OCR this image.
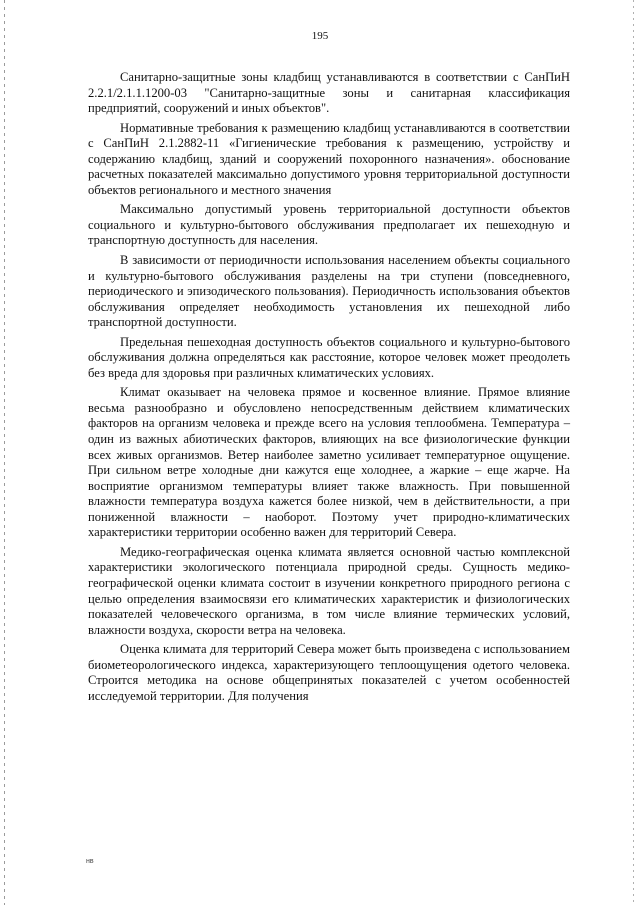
195

Санитарно-защитные зоны кладбищ устанавливаются в соответствии с СанПиН 2.2.1/2.1.1.1200-03 "Санитарно-защитные зоны и санитарная классификация предприятий, сооружений и иных объектов".

Нормативные требования к размещению кладбищ устанавливаются в соответствии с СанПиН 2.1.2882-11 «Гигиенические требования к размещению, устройству и содержанию кладбищ, зданий и сооружений похоронного назначения». обоснование расчетных показателей максимально допустимого уровня территориальной доступности объектов регионального и местного значения

Максимально допустимый уровень территориальной доступности объектов социального и культурно-бытового обслуживания предполагает их пешеходную и транспортную доступность для населения.

В зависимости от периодичности использования населением объекты социального и культурно-бытового обслуживания разделены на три ступени (повседневного, периодического и эпизодического пользования). Периодичность использования объектов обслуживания определяет необходимость установления их пешеходной либо транспортной доступности.

Предельная пешеходная доступность объектов социального и культурно-бытового обслуживания должна определяться как расстояние, которое человек может преодолеть без вреда для здоровья при различных климатических условиях.

Климат оказывает на человека прямое и косвенное влияние. Прямое влияние весьма разнообразно и обусловлено непосредственным действием климатических факторов на организм человека и прежде всего на условия теплообмена. Температура – один из важных абиотических факторов, влияющих на все физиологические функции всех живых организмов. Ветер наиболее заметно усиливает температурное ощущение. При сильном ветре холодные дни кажутся еще холоднее, а жаркие – еще жарче. На восприятие организмом температуры влияет также влажность. При повышенной влажности температура воздуха кажется более низкой, чем в действительности, а при пониженной влажности – наоборот. Поэтому учет природно-климатических характеристики территории особенно важен для территорий Севера.

Медико-географическая оценка климата является основной частью комплексной характеристики экологического потенциала природной среды. Сущность медико-географической оценки климата состоит в изучении конкретного природного региона с целью определения взаимосвязи его климатических характеристик и физиологических показателей человеческого организма, в том числе влияние термических условий, влажности воздуха, скорости ветра на человека.

Оценка климата для территорий Севера может быть произведена с использованием биометеорологического индекса, характеризующего теплоощущения одетого человека. Строится методика на основе общепринятых показателей с учетом особенностей исследуемой территории. Для получения

нв
